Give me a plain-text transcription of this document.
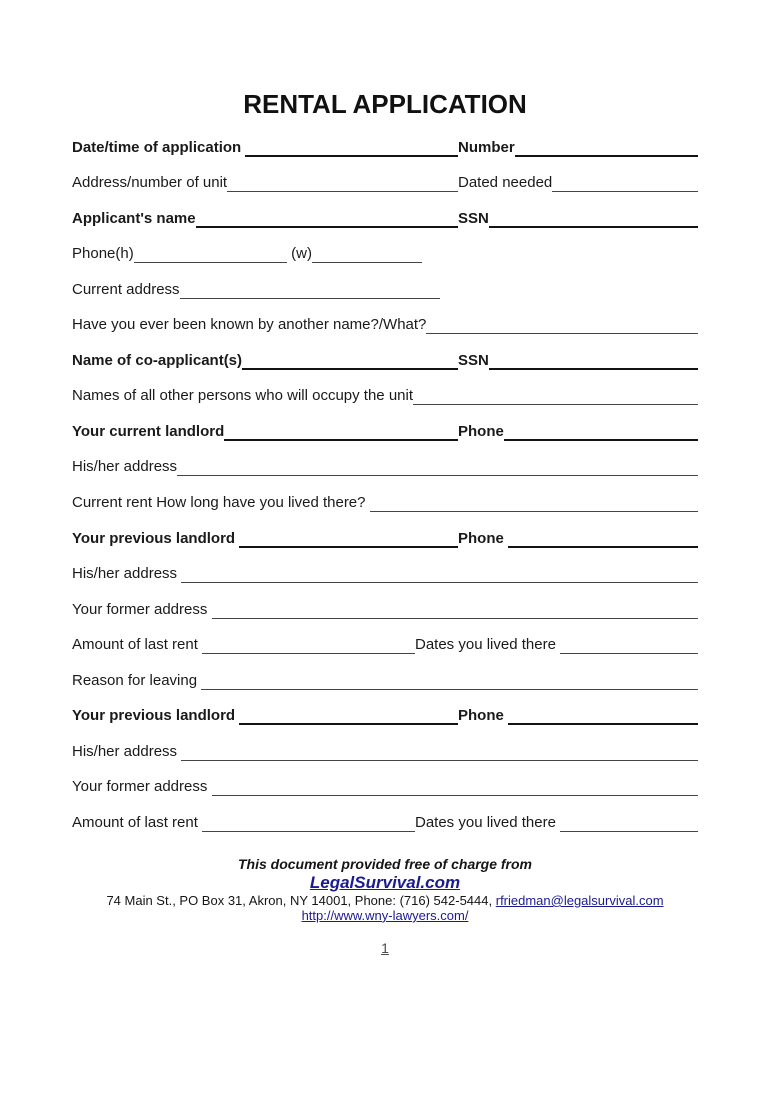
RENTAL APPLICATION
Date/time of application	Number
Address/number of unit	Dated needed
Applicant's name	SSN
Phone(h)	(w)
Current address
Have you ever been known by another name?/What?
Name of co-applicant(s)	SSN
Names of all other persons who will occupy the unit
Your current landlord	Phone
His/her address
Current rent How long have you lived there?
Your previous landlord	Phone
His/her address
Your former address
Amount of last rent	Dates you lived there
Reason for leaving
Your previous landlord	Phone
His/her address
Your former address
Amount of last rent	Dates you lived there
This document provided free of charge from
LegalSurvival.com
74 Main St., PO Box 31, Akron, NY 14001, Phone: (716) 542-5444, rfriedman@legalsurvival.com
http://www.wny-lawyers.com/
1
